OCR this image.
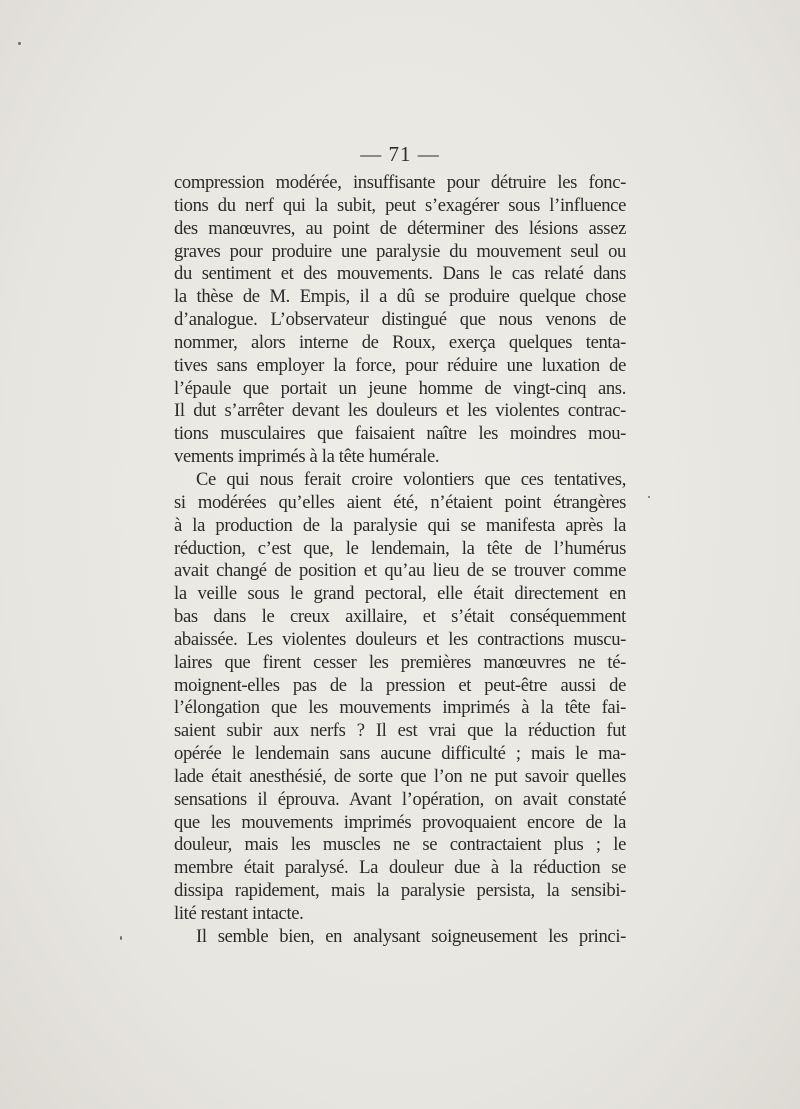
— 71 —
compression modérée, insuffisante pour détruire les fonc-
tions du nerf qui la subit, peut s’exagérer sous l’influence
des manœuvres, au point de déterminer des lésions assez
graves pour produire une paralysie du mouvement seul ou
du sentiment et des mouvements. Dans le cas relaté dans
la thèse de M. Empis, il a dû se produire quelque chose
d’analogue. L’observateur distingué que nous venons de
nommer, alors interne de Roux, exerça quelques tenta-
tives sans employer la force, pour réduire une luxation de
l’épaule que portait un jeune homme de vingt-cinq ans.
Il dut s’arrêter devant les douleurs et les violentes contrac-
tions musculaires que faisaient naître les moindres mou-
vements imprimés à la tête humérale.
Ce qui nous ferait croire volontiers que ces tentatives,
si modérées qu’elles aient été, n’étaient point étrangères
à la production de la paralysie qui se manifesta après la
réduction, c’est que, le lendemain, la tête de l’humérus
avait changé de position et qu’au lieu de se trouver comme
la veille sous le grand pectoral, elle était directement en
bas dans le creux axillaire, et s’était conséquemment
abaissée. Les violentes douleurs et les contractions muscu-
laires que firent cesser les premières manœuvres ne té-
moignent-elles pas de la pression et peut-être aussi de
l’élongation que les mouvements imprimés à la tête fai-
saient subir aux nerfs ? Il est vrai que la réduction fut
opérée le lendemain sans aucune difficulté ; mais le ma-
lade était anesthésié, de sorte que l’on ne put savoir quelles
sensations il éprouva. Avant l’opération, on avait constaté
que les mouvements imprimés provoquaient encore de la
douleur, mais les muscles ne se contractaient plus ; le
membre était paralysé. La douleur due à la réduction se
dissipa rapidement, mais la paralysie persista, la sensibi-
lité restant intacte.
Il semble bien, en analysant soigneusement les princi-
